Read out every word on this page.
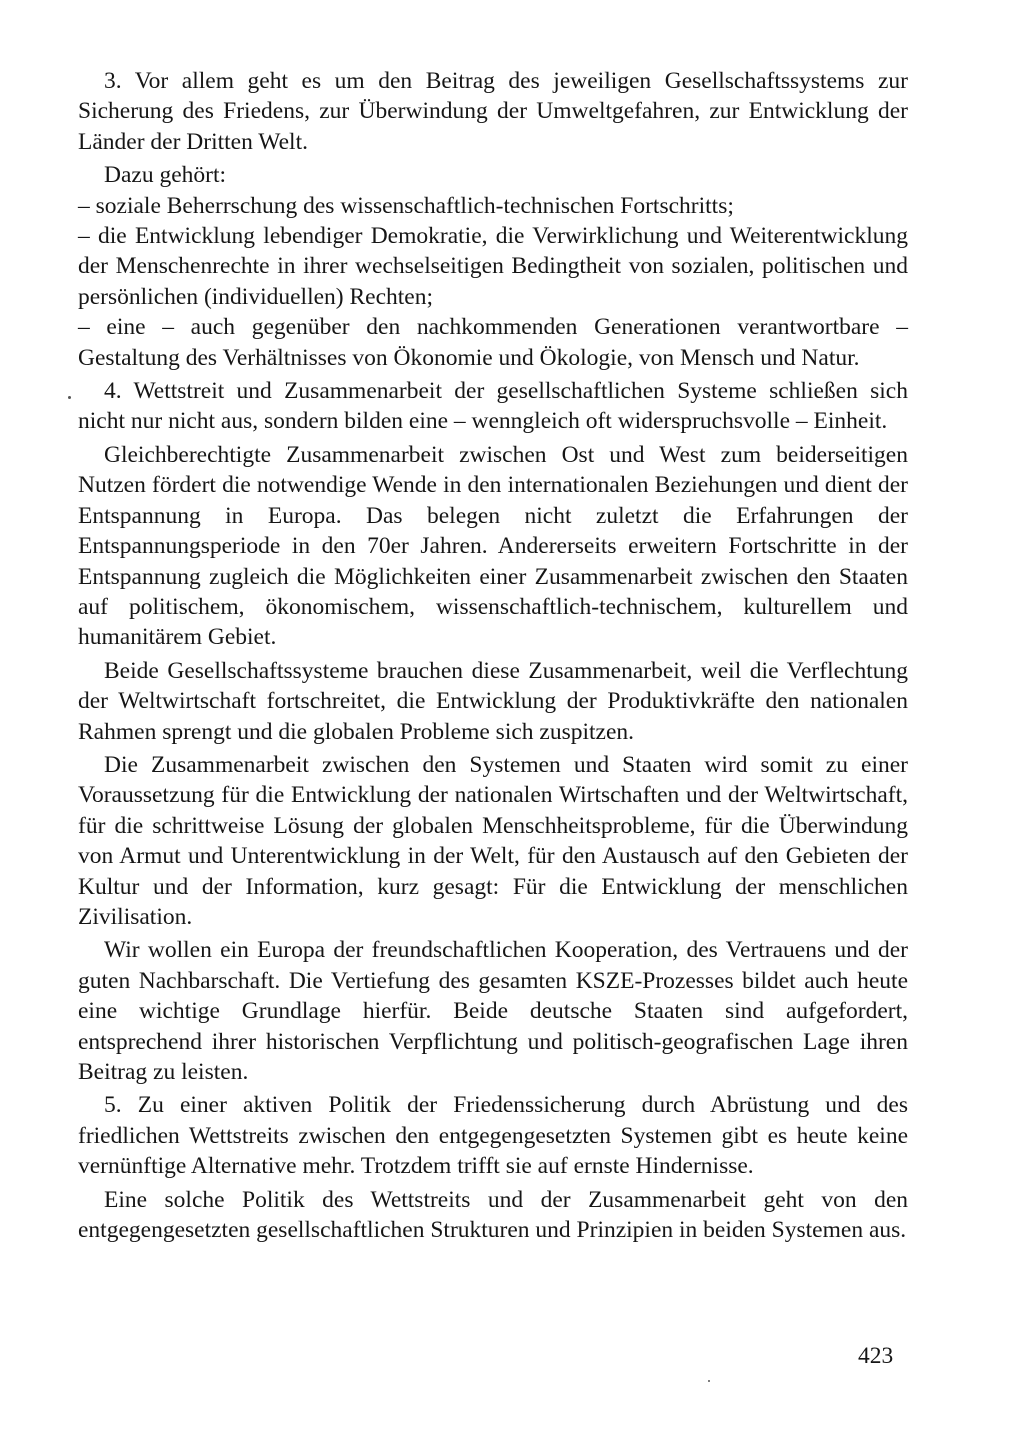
3. Vor allem geht es um den Beitrag des jeweiligen Gesellschaftssystems zur Sicherung des Friedens, zur Überwindung der Umweltgefahren, zur Entwicklung der Länder der Dritten Welt.

Dazu gehört:

– soziale Beherrschung des wissenschaftlich-technischen Fortschritts;

– die Entwicklung lebendiger Demokratie, die Verwirklichung und Weiterentwicklung der Menschenrechte in ihrer wechselseitigen Bedingtheit von sozialen, politischen und persönlichen (individuellen) Rechten;

– eine – auch gegenüber den nachkommenden Generationen verantwortbare – Gestaltung des Verhältnisses von Ökonomie und Ökologie, von Mensch und Natur.

4. Wettstreit und Zusammenarbeit der gesellschaftlichen Systeme schließen sich nicht nur nicht aus, sondern bilden eine – wenngleich oft widerspruchsvolle – Einheit.

Gleichberechtigte Zusammenarbeit zwischen Ost und West zum beiderseitigen Nutzen fördert die notwendige Wende in den internationalen Beziehungen und dient der Entspannung in Europa. Das belegen nicht zuletzt die Erfahrungen der Entspannungsperiode in den 70er Jahren. Andererseits erweitern Fortschritte in der Entspannung zugleich die Möglichkeiten einer Zusammenarbeit zwischen den Staaten auf politischem, ökonomischem, wissenschaftlich-technischem, kulturellem und humanitärem Gebiet.

Beide Gesellschaftssysteme brauchen diese Zusammenarbeit, weil die Verflechtung der Weltwirtschaft fortschreitet, die Entwicklung der Produktivkräfte den nationalen Rahmen sprengt und die globalen Probleme sich zuspitzen.

Die Zusammenarbeit zwischen den Systemen und Staaten wird somit zu einer Voraussetzung für die Entwicklung der nationalen Wirtschaften und der Weltwirtschaft, für die schrittweise Lösung der globalen Menschheitsprobleme, für die Überwindung von Armut und Unterentwicklung in der Welt, für den Austausch auf den Gebieten der Kultur und der Information, kurz gesagt: Für die Entwicklung der menschlichen Zivilisation.

Wir wollen ein Europa der freundschaftlichen Kooperation, des Vertrauens und der guten Nachbarschaft. Die Vertiefung des gesamten KSZE-Prozesses bildet auch heute eine wichtige Grundlage hierfür. Beide deutsche Staaten sind aufgefordert, entsprechend ihrer historischen Verpflichtung und politisch-geografischen Lage ihren Beitrag zu leisten.

5. Zu einer aktiven Politik der Friedenssicherung durch Abrüstung und des friedlichen Wettstreits zwischen den entgegengesetzten Systemen gibt es heute keine vernünftige Alternative mehr. Trotzdem trifft sie auf ernste Hindernisse.

Eine solche Politik des Wettstreits und der Zusammenarbeit geht von den entgegengesetzten gesellschaftlichen Strukturen und Prinzipien in beiden Systemen aus.

423
